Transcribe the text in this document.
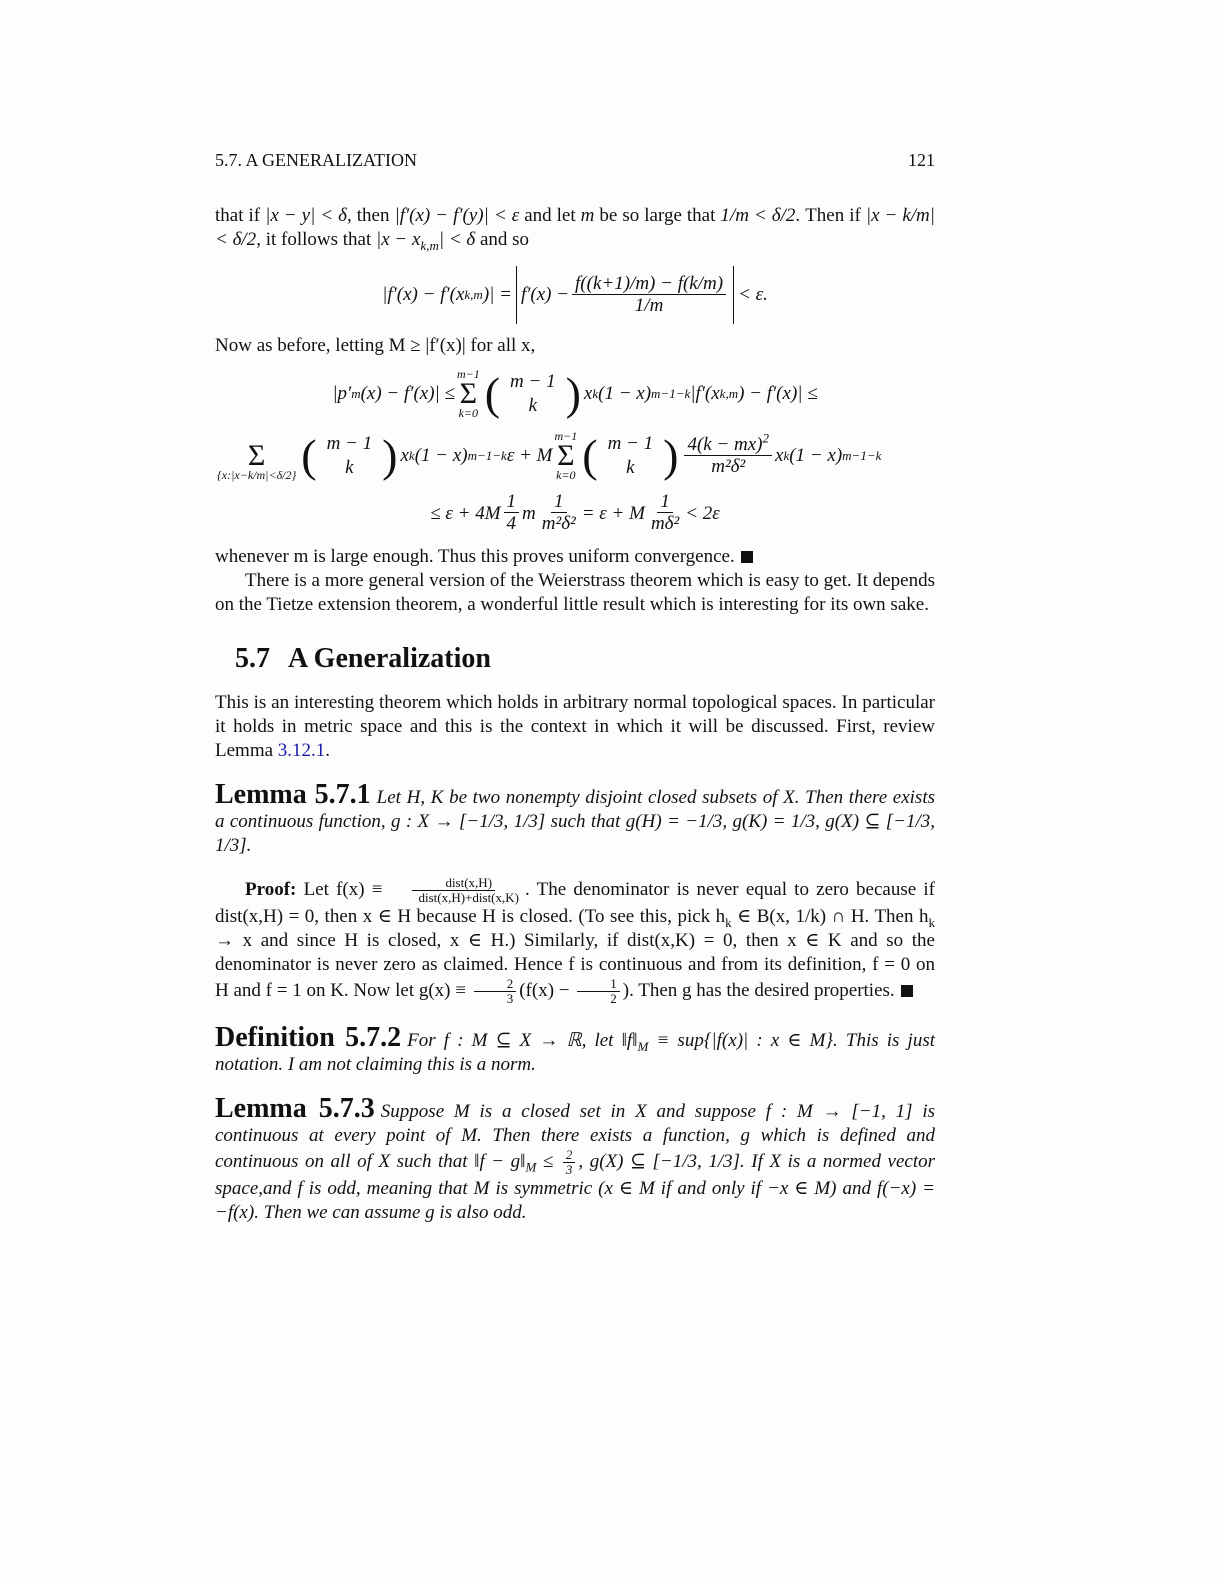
5.7. A GENERALIZATION	121

that if |x − y| < δ, then |f′(x) − f′(y)| < ε and let m be so large that 1/m < δ/2. Then if |x − k/m| < δ/2, it follows that $|x - x_{k,m}| < \delta$ and so

|f′(x) − f′(x k,m )| = $f'(x) - \frac{f((k+1)/m) - f(k/m)}{1/m} < \varepsilon$.

Now as before, letting M ≥ |f′(x)| for all x,

|p′ m (x) − f′(x)| ≤
m−1
Σ
k=0 ( m − 1
k ) x k (1 − x) m−1−k |f′(x k,m ) − f′(x)| ≤

Σ
{x:|x−k/m|<δ/2} ( m − 1
k ) x k (1 − x) m−1−k ε + M
m−1
Σ
k=0 ( m − 1
k ) $\frac{4(k - mx)^2}{\text{m²δ²}}$ x k (1 − x) m−1−k
≤ $\varepsilon + 4M \frac{1}{4}$ m $\frac{1}{\text{m²δ²}} = \varepsilon + M \frac{1}{\text{mδ²}} < 2\varepsilon$

whenever m is large enough. Thus this proves uniform convergence.

There is a more general version of the Weierstrass theorem which is easy to get. It depends on the Tietze extension theorem, a wonderful little result which is interesting for its own sake.

5.7 A Generalization

This is an interesting theorem which holds in arbitrary normal topological spaces. In particular it holds in metric space and this is the context in which it will be discussed. First, review Lemma 3.12.1.

Lemma 5.7.1 Let H, K be two nonempty disjoint closed subsets of X. Then there exists a continuous function, g : X → [−1/3, 1/3] such that g(H) = −1/3, g(K) = 1/3, g(X) ⊆ [−1/3, 1/3].
Proof: Let $f(x) \equiv \frac{\text{dist(x,H)}}{\text{dist(x,H)+dist(x,K)}}$ . The denominator is never equal to zero because if dist(x,H) = 0, then x ∈ H because H is closed. (To see this, pick $h_k$ ∈ B(x, 1/k) ∩ H. Then $h_k \to x$ and since H is closed, x ∈ H.) Similarly, if dist(x,K) = 0, then x ∈ K and so the denominator is never zero as claimed. Hence f is continuous and from its definition, f = 0 on H and f = 1 on K. Now let $g(x) \equiv \frac{2}{3} (f(x) - \frac{1}{2}$ ). Then g has the desired properties.
Definition 5.7.2 For f : M ⊆ X → ℝ, let $‖f‖_M \equiv sup\{|f(x)|$ : x ∈ M}. This is just notation. I am not claiming this is a norm.
Lemma 5.7.3 Suppose M is a closed set in X and suppose f : M → [−1, 1] is continuous at every point of M. Then there exists a function, g which is defined and continuous on all of X such that ‖f − $g‖_M \le \frac{2}{3}$ , g(X) ⊆ [−1/3, 1/3]. If X is a normed vector space,and f is odd, meaning that M is symmetric (x ∈ M if and only if −x ∈ M) and f(−x) = −f(x). Then we can assume g is also odd.
